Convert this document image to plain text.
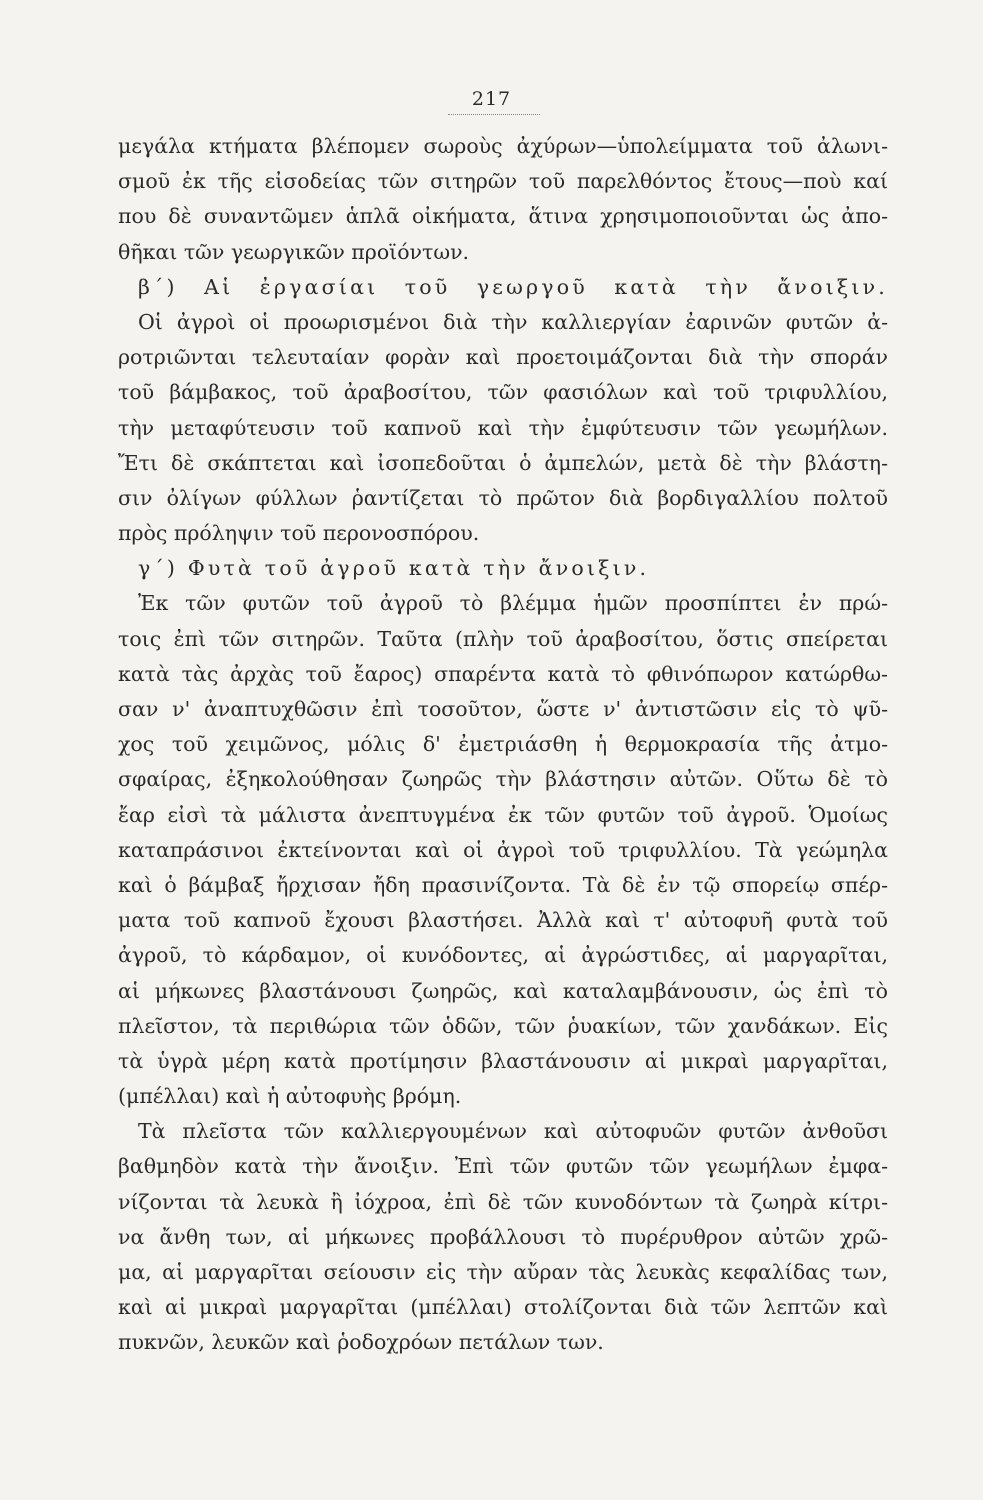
217
μεγάλα κτήματα βλέπομεν σωροὺς ἀχύρων—ὑπολείμματα τοῦ ἀλωνι-
σμοῦ ἐκ τῆς εἰσοδείας τῶν σιτηρῶν τοῦ παρελθόντος ἔτους—ποὺ καί
που δὲ συναντῶμεν ἁπλᾶ οἰκήματα, ἅτινα χρησιμοποιοῦνται ὡς ἀπο-
θῆκαι τῶν γεωργικῶν προϊόντων.
β΄) Αἱ ἐργασίαι τοῦ γεωργοῦ κατὰ τὴν ἄνοιξιν.
Οἱ ἀγροὶ οἱ προωρισμένοι διὰ τὴν καλλιεργίαν ἐαρινῶν φυτῶν ἀ-
ροτριῶνται τελευταίαν φορὰν καὶ προετοιμάζονται διὰ τὴν σποράν
τοῦ βάμβακος, τοῦ ἀραβοσίτου, τῶν φασιόλων καὶ τοῦ τριφυλλίου,
τὴν μεταφύτευσιν τοῦ καπνοῦ καὶ τὴν ἐμφύτευσιν τῶν γεωμήλων.
Ἔτι δὲ σκάπτεται καὶ ἰσοπεδοῦται ὁ ἀμπελών, μετὰ δὲ τὴν βλάστη-
σιν ὀλίγων φύλλων ῥαντίζεται τὸ πρῶτον διὰ βορδιγαλλίου πολτοῦ
πρὸς πρόληψιν τοῦ περονοσπόρου.
γ΄) Φυτὰ τοῦ ἀγροῦ κατὰ τὴν ἄνοιξιν.
Ἐκ τῶν φυτῶν τοῦ ἀγροῦ τὸ βλέμμα ἡμῶν προσπίπτει ἐν πρώ-
τοις ἐπὶ τῶν σιτηρῶν. Ταῦτα (πλὴν τοῦ ἀραβοσίτου, ὅστις σπείρεται
κατὰ τὰς ἀρχὰς τοῦ ἔαρος) σπαρέντα κατὰ τὸ φθινόπωρον κατώρθω-
σαν ν' ἀναπτυχθῶσιν ἐπὶ τοσοῦτον, ὥστε ν' ἀντιστῶσιν εἰς τὸ ψῦ-
χος τοῦ χειμῶνος, μόλις δ' ἐμετριάσθη ἡ θερμοκρασία τῆς ἀτμο-
σφαίρας, ἐξηκολούθησαν ζωηρῶς τὴν βλάστησιν αὐτῶν. Οὕτω δὲ τὸ
ἔαρ εἰσὶ τὰ μάλιστα ἀνεπτυγμένα ἐκ τῶν φυτῶν τοῦ ἀγροῦ. Ὁμοίως
καταπράσινοι ἐκτείνονται καὶ οἱ ἀγροὶ τοῦ τριφυλλίου. Τὰ γεώμηλα
καὶ ὁ βάμβαξ ἤρχισαν ἤδη πρασινίζοντα. Τὰ δὲ ἐν τῷ σπορείῳ σπέρ-
ματα τοῦ καπνοῦ ἔχουσι βλαστήσει. Ἀλλὰ καὶ τ' αὐτοφυῆ φυτὰ τοῦ
ἀγροῦ, τὸ κάρδαμον, οἱ κυνόδοντες, αἱ ἀγρώστιδες, αἱ μαργαρῖται,
αἱ μήκωνες βλαστάνουσι ζωηρῶς, καὶ καταλαμβάνουσιν, ὡς ἐπὶ τὸ
πλεῖστον, τὰ περιθώρια τῶν ὁδῶν, τῶν ῥυακίων, τῶν χανδάκων. Εἰς
τὰ ὑγρὰ μέρη κατὰ προτίμησιν βλαστάνουσιν αἱ μικραὶ μαργαρῖται,
(μπέλλαι) καὶ ἡ αὐτοφυὴς βρόμη.
Τὰ πλεῖστα τῶν καλλιεργουμένων καὶ αὐτοφυῶν φυτῶν ἀνθοῦσι
βαθμηδὸν κατὰ τὴν ἄνοιξιν. Ἐπὶ τῶν φυτῶν τῶν γεωμήλων ἐμφα-
νίζονται τὰ λευκὰ ἢ ἰόχροα, ἐπὶ δὲ τῶν κυνοδόντων τὰ ζωηρὰ κίτρι-
να ἄνθη των, αἱ μήκωνες προβάλλουσι τὸ πυρέρυθρον αὐτῶν χρῶ-
μα, αἱ μαργαρῖται σείουσιν εἰς τὴν αὔραν τὰς λευκὰς κεφαλίδας των,
καὶ αἱ μικραὶ μαργαρῖται (μπέλλαι) στολίζονται διὰ τῶν λεπτῶν καὶ
πυκνῶν, λευκῶν καὶ ῥοδοχρόων πετάλων των.
